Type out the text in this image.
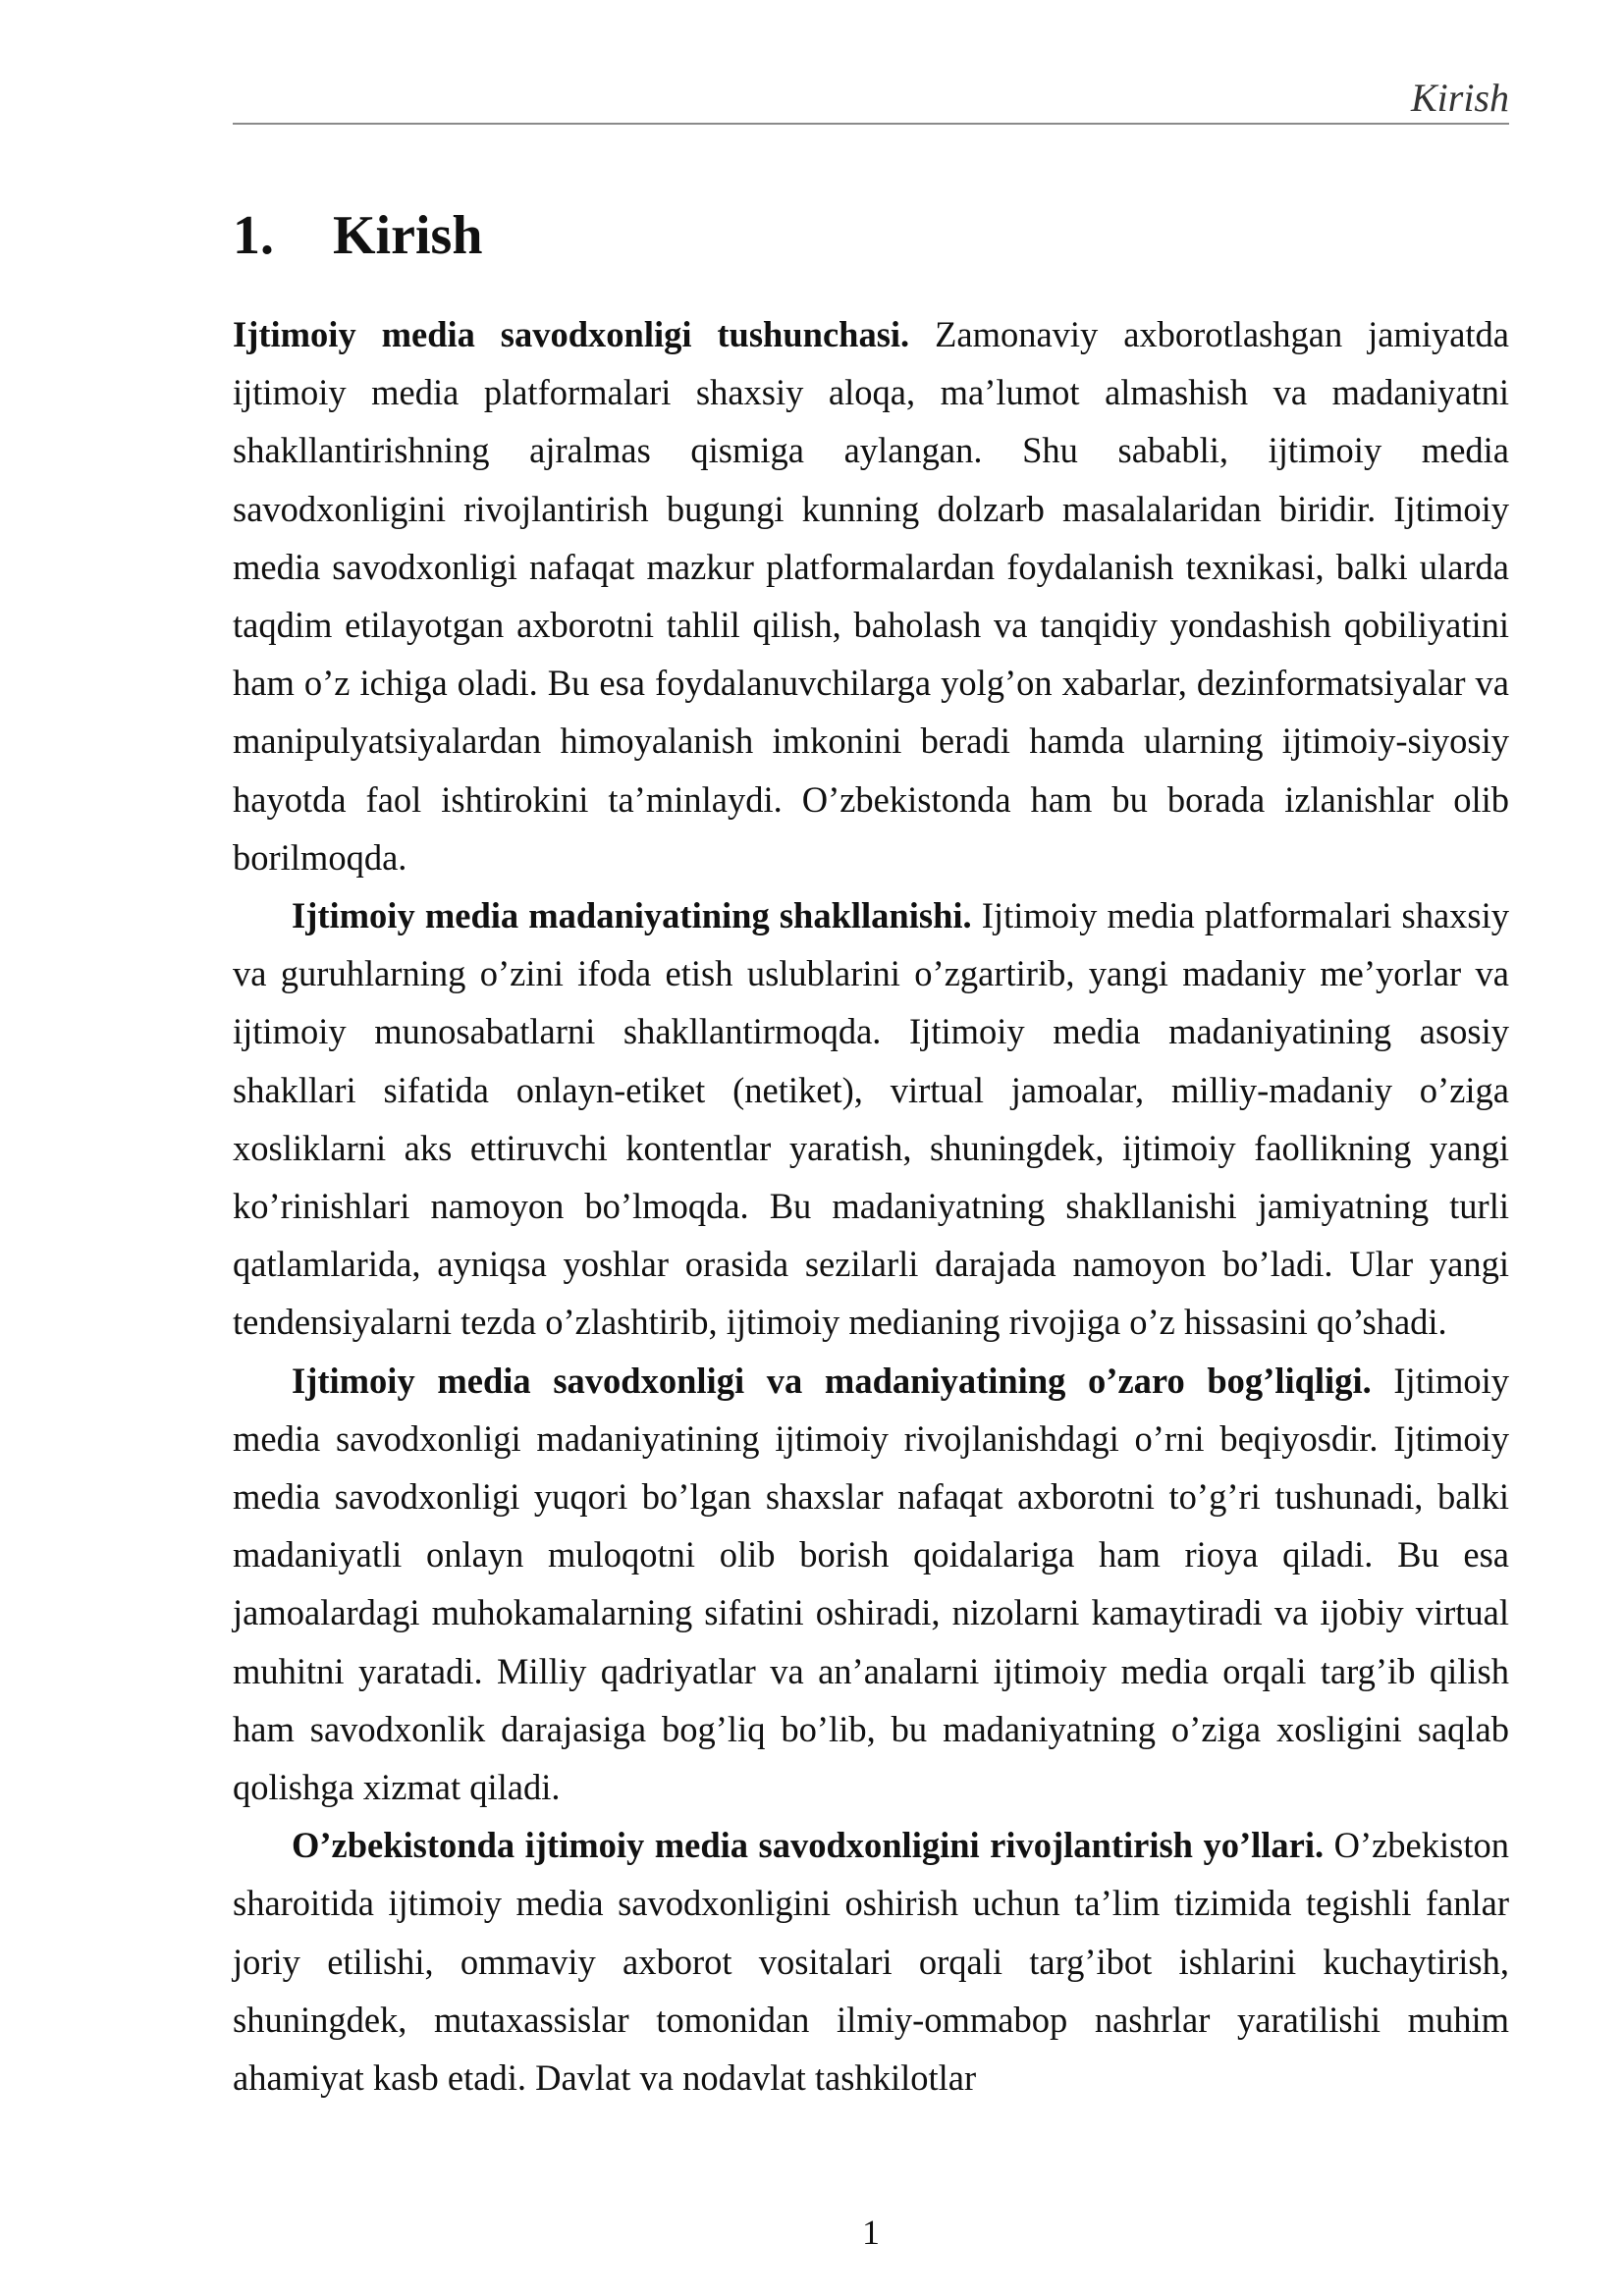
Kirish
1. Kirish

Ijtimoiy media savodxonligi tushunchasi. Zamonaviy axborotlashgan jamiyatda ijtimoiy media platformalari shaxsiy aloqa, ma’lumot almashish va madaniyatni shakllantirishning ajralmas qismiga aylangan. Shu sababli, ijtimoiy media savodxonligini rivojlantirish bugungi kunning dolzarb masalalaridan biridir. Ijtimoiy media savodxonligi nafaqat mazkur platformalardan foydalanish texnikasi, balki ularda taqdim etilayotgan axborotni tahlil qilish, baholash va tanqidiy yondashish qobiliyatini ham o’z ichiga oladi. Bu esa foydalanuvchilarga yolg’on xabarlar, dezinformatsiyalar va manipulyatsiyalardan himoyalanish imkonini beradi hamda ularning ijtimoiy-siyosiy hayotda faol ishtirokini ta’minlaydi. O’zbekistonda ham bu borada izlanishlar olib borilmoqda.

Ijtimoiy media madaniyatining shakllanishi. Ijtimoiy media platformalari shaxsiy va guruhlarning o’zini ifoda etish uslublarini o’zgartirib, yangi madaniy me’yorlar va ijtimoiy munosabatlarni shakllantirmoqda. Ijtimoiy media madaniyatining asosiy shakllari sifatida onlayn-etiket (netiket), virtual jamoalar, milliy-madaniy o’ziga xosliklarni aks ettiruvchi kontentlar yaratish, shuningdek, ijtimoiy faollikning yangi ko’rinishlari namoyon bo’lmoqda. Bu madaniyatning shakllanishi jamiyatning turli qatlamlarida, ayniqsa yoshlar orasida sezilarli darajada namoyon bo’ladi. Ular yangi tendensiyalarni tezda o’zlashtirib, ijtimoiy medianing rivojiga o’z hissasini qo’shadi.

Ijtimoiy media savodxonligi va madaniyatining o’zaro bog’liqligi. Ijtimoiy media savodxonligi madaniyatining ijtimoiy rivojlanishdagi o’rni beqiyosdir. Ijtimoiy media savodxonligi yuqori bo’lgan shaxslar nafaqat axborotni to’g’ri tushunadi, balki madaniyatli onlayn muloqotni olib borish qoidalariga ham rioya qiladi. Bu esa jamoalardagi muhokamalarning sifatini oshiradi, nizolarni kamaytiradi va ijobiy virtual muhitni yaratadi. Milliy qadriyatlar va an’analarni ijtimoiy media orqali targ’ib qilish ham savodxonlik darajasiga bog’liq bo’lib, bu madaniyatning o’ziga xosligini saqlab qolishga xizmat qiladi.

O’zbekistonda ijtimoiy media savodxonligini rivojlantirish yo’llari. O’zbekiston sharoitida ijtimoiy media savodxonligini oshirish uchun ta’lim tizimida tegishli fanlar joriy etilishi, ommaviy axborot vositalari orqali targ’ibot ishlarini kuchaytirish, shuningdek, mutaxassislar tomonidan ilmiy-ommabop nashrlar yaratilishi muhim ahamiyat kasb etadi. Davlat va nodavlat tashkilotlar

1
